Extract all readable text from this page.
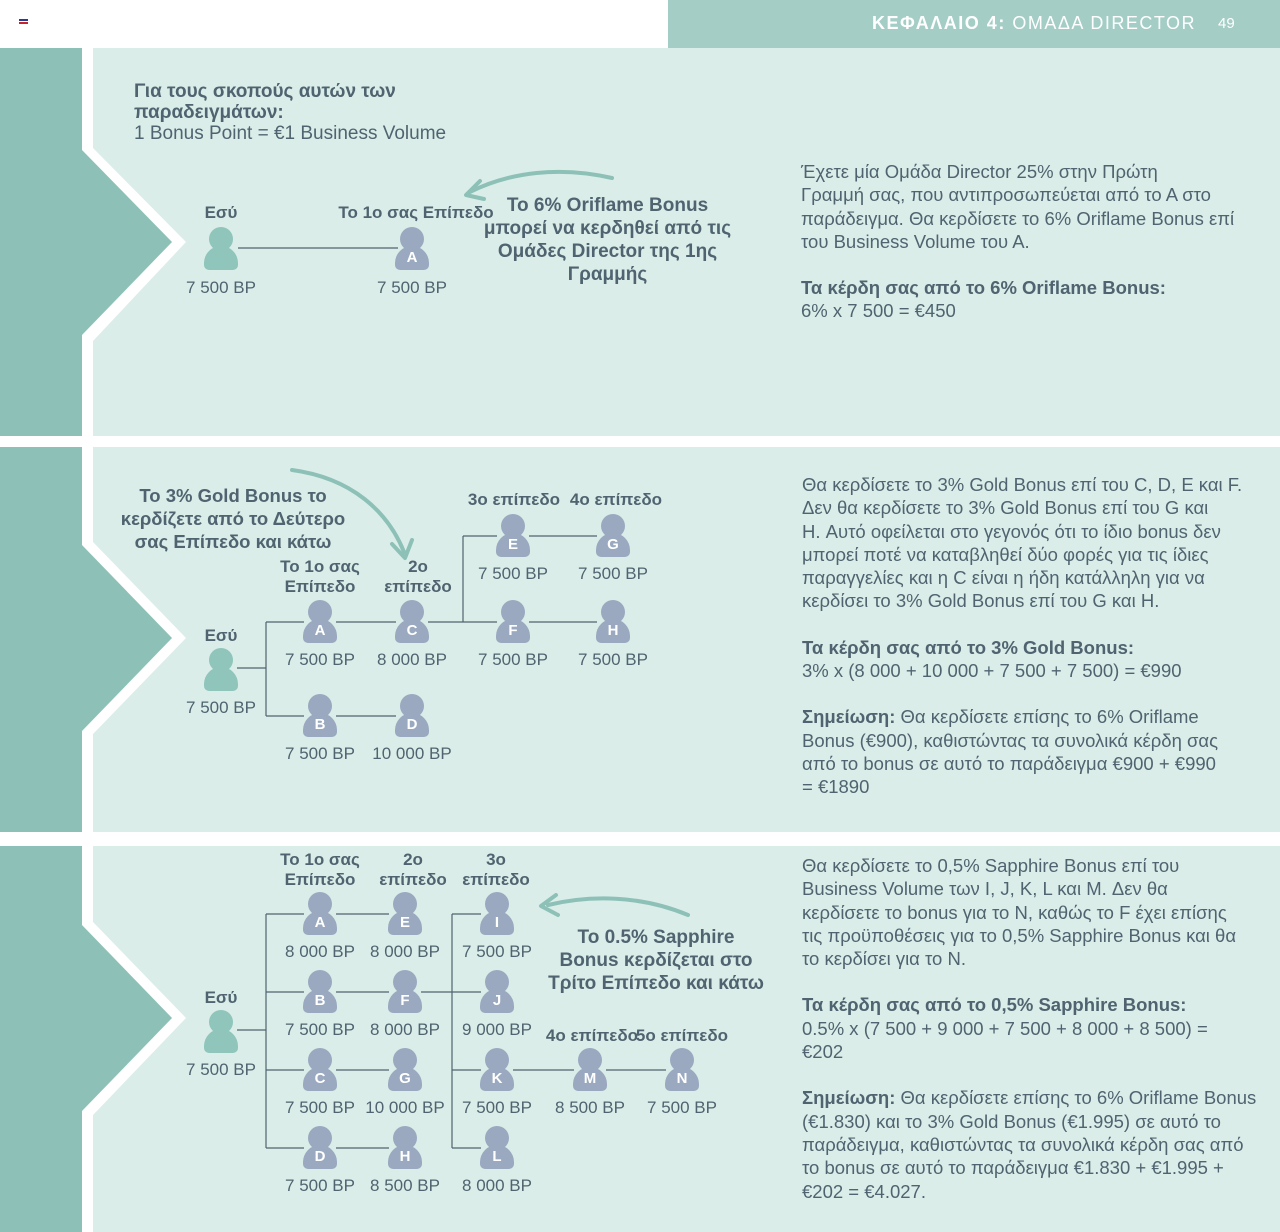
ΚΕΦΑΛΑΙΟ 4: ΟΜΑΔΑ DIRECTOR 49
Για τους σκοπούς αυτών των
παραδειγμάτων:
1 Bonus Point = €1 Business Volume
Εσύ	Το 1ο σας Επίπεδο
A
7 500 BP	7 500 BP
Το 6% Oriflame Bonus
μπορεί να κερδηθεί από τις
Ομάδες Director της 1ης
Γραμμής

Έχετε μία Ομάδα Director 25% στην Πρώτη
Γραμμή σας, που αντιπροσωπεύεται από το Α στο
παράδειγμα. Θα κερδίσετε το 6% Oriflame Bonus επί
του Business Volume του Α.

Τα κέρδη σας από το 6% Oriflame Bonus:
6% x 7 500 = €450

Το 3% Gold Bonus το
κερδίζετε από το Δεύτερο
σας Επίπεδο και κάτω
Το 1ο σας
Επίπεδο
2ο
επίπεδο
3ο επίπεδο 4ο επίπεδο
Εσύ
7 500 BP
A
7 500 BP
C
8 000 BP
E
7 500 BP
G
7 500 BP
F
7 500 BP
H
7 500 BP
B
7 500 BP
D
10 000 BP

Θα κερδίσετε το 3% Gold Bonus επί του C, D, E και F.
Δεν θα κερδίσετε το 3% Gold Bonus επί του G και
H. Αυτό οφείλεται στο γεγονός ότι το ίδιο bonus δεν
μπορεί ποτέ να καταβληθεί δύο φορές για τις ίδιες
παραγγελίες και η C είναι η ήδη κατάλληλη για να
κερδίσει το 3% Gold Bonus επί του G και H.

Τα κέρδη σας από το 3% Gold Bonus:
3% x (8 000 + 10 000 + 7 500 + 7 500) = €990

Σημείωση: Θα κερδίσετε επίσης το 6% Oriflame
Bonus (€900), καθιστώντας τα συνολικά κέρδη σας
από το bonus σε αυτό το παράδειγμα €900 + €990
= €1890

Το 1ο σας
Επίπεδο
2ο
επίπεδο
3ο
επίπεδο
4ο επίπεδο
5ο επίπεδο
Το 0.5% Sapphire
Bonus κερδίζεται στο
Τρίτο Επίπεδο και κάτω
Εσύ
7 500 BP
A
8 000 BP
E
8 000 BP
I
7 500 BP
B
7 500 BP
F
8 000 BP
J
9 000 BP
C
7 500 BP
G
10 000 BP
K
7 500 BP
M
8 500 BP
N
7 500 BP
D
7 500 BP
H
8 500 BP
L
8 000 BP

Θα κερδίσετε το 0,5% Sapphire Bonus επί του
Business Volume των I, J, K, L και M. Δεν θα
κερδίσετε το bonus για το N, καθώς το F έχει επίσης
τις προϋποθέσεις για το 0,5% Sapphire Bonus και θα
το κερδίσει για το N.

Τα κέρδη σας από το 0,5% Sapphire Bonus:
0.5% x (7 500 + 9 000 + 7 500 + 8 000 + 8 500) =
€202

Σημείωση: Θα κερδίσετε επίσης το 6% Oriflame Bonus
(€1.830) και το 3% Gold Bonus (€1.995) σε αυτό το
παράδειγμα, καθιστώντας τα συνολικά κέρδη σας από
το bonus σε αυτό το παράδειγμα €1.830 + €1.995 +
€202 = €4.027.
